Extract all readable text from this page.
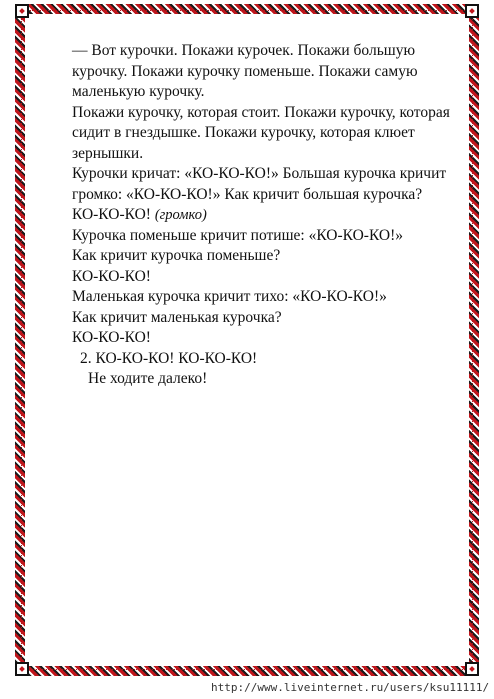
— Вот курочки. Покажи курочек. Покажи большую курочку. Покажи курочку поменьше. Покажи самую маленькую курочку.

Покажи курочку, которая стоит. Покажи курочку, которая сидит в гнездышке. Покажи курочку, которая клюет зернышки.

Курочки кричат: «КО-КО-КО!» Большая курочка кричит громко: «КО-КО-КО!» Как кричит большая курочка?

КО-КО-КО! (громко)

Курочка поменьше кричит потише: «КО-КО-КО!»

Как кричит курочка поменьше?

КО-КО-КО!

Маленькая курочка кричит тихо: «КО-КО-КО!»

Как кричит маленькая курочка?

КО-КО-КО!

2. КО-КО-КО! КО-КО-КО!

Не ходите далеко!

http://www.liveinternet.ru/users/ksu11111/
